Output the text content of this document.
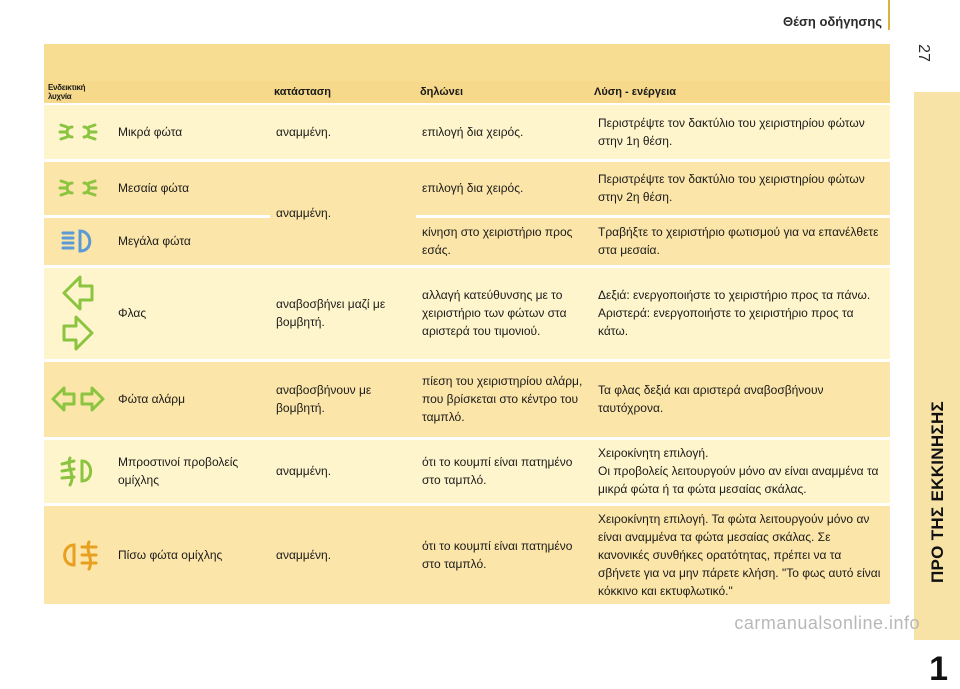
Θέση οδήγησης
27
ΠΡΟ ΤΗΣ ΕΚΚΙΝΗΣΗΣ
1
Ενδεικτική λυχνία		κατάσταση	δηλώνει	Λύση - ενέργεια

	Μικρά φώτα	αναμμένη.	επιλογή δια χειρός.	Περιστρέψτε τον δακτύλιο του χειριστηρίου φώτων στην 1η θέση.

	Μεσαία φώτα	αναμμένη.	επιλογή δια χειρός.	Περιστρέψτε τον δακτύλιο του χειριστηρίου φώτων στην 2η θέση.

	Μεγάλα φώτα		κίνηση στο χειριστήριο προς εσάς.	Τραβήξτε το χειριστήριο φωτισμού για να επανέλθετε στα μεσαία.

	Φλας	αναβοσβήνει μαζί με βομβητή.	αλλαγή κατεύθυνσης με το χειριστήριο των φώτων στα αριστερά του τιμονιού.	Δεξιά: ενεργοποιήστε το χειριστήριο προς τα πάνω.

Αριστερά: ενεργοποιήστε το χειριστήριο προς τα κάτω.

	Φώτα αλάρμ	αναβοσβήνουν με βομβητή.	πίεση του χειριστηρίου αλάρμ, που βρίσκεται στο κέντρο του ταμπλό.	Τα φλας δεξιά και αριστερά αναβοσβήνουν ταυτόχρονα.

	Μπροστινοί προβολείς ομίχλης	αναμμένη.	ότι το κουμπί είναι πατημένο στο ταμπλό.	Χειροκίνητη επιλογή.

Οι προβολείς λειτουργούν μόνο αν είναι αναμμένα τα μικρά φώτα ή τα φώτα μεσαίας σκάλας.

	Πίσω φώτα ομίχλης	αναμμένη.	ότι το κουμπί είναι πατημένο στο ταμπλό.	Χειροκίνητη επιλογή. Τα φώτα λειτουργούν μόνο αν είναι αναμμένα τα φώτα μεσαίας σκάλας. Σε κανονικές συνθήκες ορατότητας, πρέπει να τα σβήνετε για να μην πάρετε κλήση. "Το φως αυτό είναι κόκκινο και εκτυφλωτικό."

carmanualsonline.info
